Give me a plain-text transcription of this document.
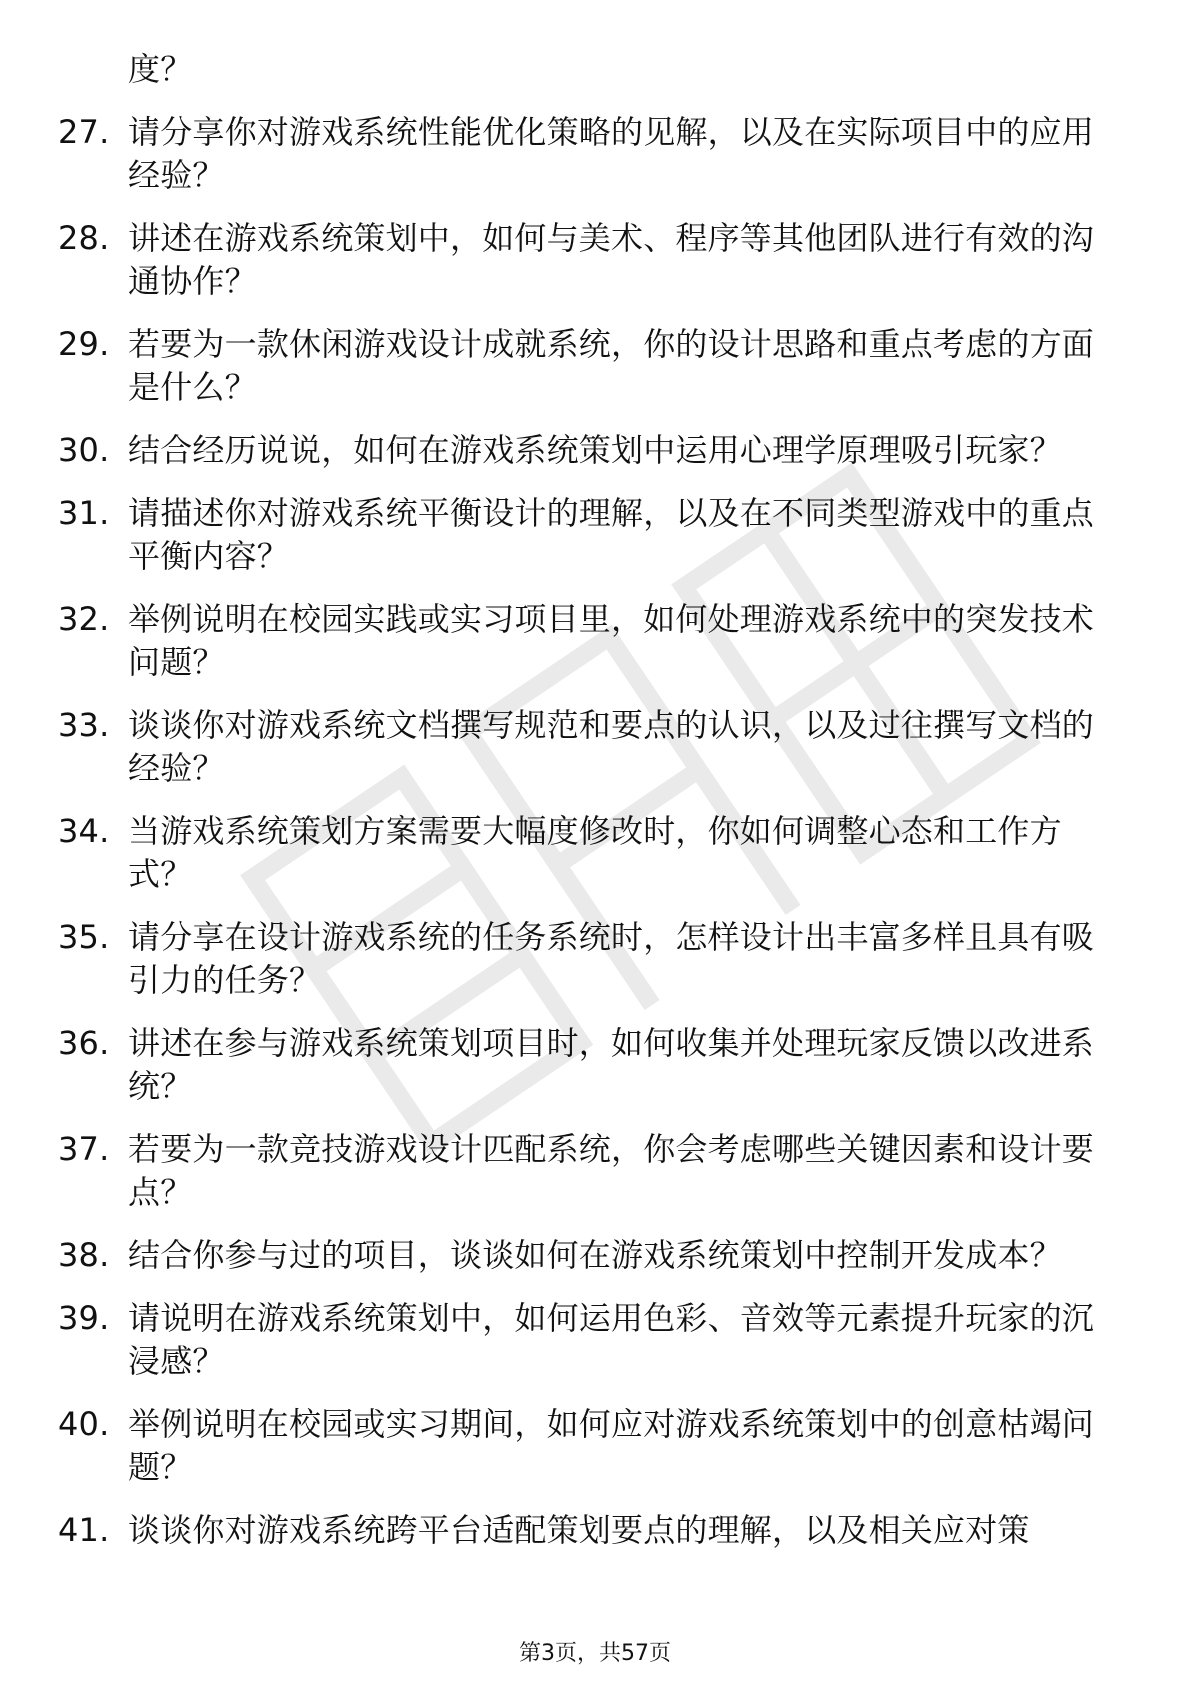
度？
27. 请分享你对游戏系统性能优化策略的见解，以及在实际项目中的应用经验？
28. 讲述在游戏系统策划中，如何与美术、程序等其他团队进行有效的沟通协作？
29. 若要为一款休闲游戏设计成就系统，你的设计思路和重点考虑的方面是什么？
30. 结合经历说说，如何在游戏系统策划中运用心理学原理吸引玩家？
31. 请描述你对游戏系统平衡设计的理解，以及在不同类型游戏中的重点平衡内容？
32. 举例说明在校园实践或实习项目里，如何处理游戏系统中的突发技术问题？
33. 谈谈你对游戏系统文档撰写规范和要点的认识，以及过往撰写文档的经验？
34. 当游戏系统策划方案需要大幅度修改时，你如何调整心态和工作方式？
35. 请分享在设计游戏系统的任务系统时，怎样设计出丰富多样且具有吸引力的任务？
36. 讲述在参与游戏系统策划项目时，如何收集并处理玩家反馈以改进系统？
37. 若要为一款竞技游戏设计匹配系统，你会考虑哪些关键因素和设计要点？
38. 结合你参与过的项目，谈谈如何在游戏系统策划中控制开发成本？
39. 请说明在游戏系统策划中，如何运用色彩、音效等元素提升玩家的沉浸感？
40. 举例说明在校园或实习期间，如何应对游戏系统策划中的创意枯竭问题？
41. 谈谈你对游戏系统跨平台适配策划要点的理解，以及相关应对策
第3页，共57页
